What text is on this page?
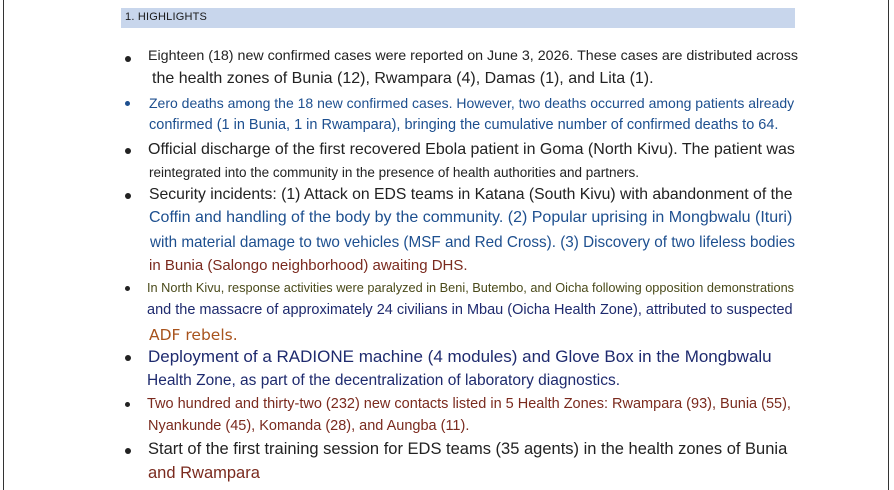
1. HIGHLIGHTS
Eighteen (18) new confirmed cases were reported on June 3, 2026. These cases are distributed across
the health zones of Bunia (12), Rwampara (4), Damas (1), and Lita (1).
Zero deaths among the 18 new confirmed cases. However, two deaths occurred among patients already
confirmed (1 in Bunia, 1 in Rwampara), bringing the cumulative number of confirmed deaths to 64.
Official discharge of the first recovered Ebola patient in Goma (North Kivu). The patient was
reintegrated into the community in the presence of health authorities and partners.
Security incidents: (1) Attack on EDS teams in Katana (South Kivu) with abandonment of the
Coffin and handling of the body by the community. (2) Popular uprising in Mongbwalu (Ituri)
with material damage to two vehicles (MSF and Red Cross). (3) Discovery of two lifeless bodies
in Bunia (Salongo neighborhood) awaiting DHS.
In North Kivu, response activities were paralyzed in Beni, Butembo, and Oicha following opposition demonstrations
and the massacre of approximately 24 civilians in Mbau (Oicha Health Zone), attributed to suspected
ADF rebels.
Deployment of a RADIONE machine (4 modules) and Glove Box in the Mongbwalu
Health Zone, as part of the decentralization of laboratory diagnostics.
Two hundred and thirty-two (232) new contacts listed in 5 Health Zones: Rwampara (93), Bunia (55),
Nyankunde (45), Komanda (28), and Aungba (11).
Start of the first training session for EDS teams (35 agents) in the health zones of Bunia
and Rwampara
